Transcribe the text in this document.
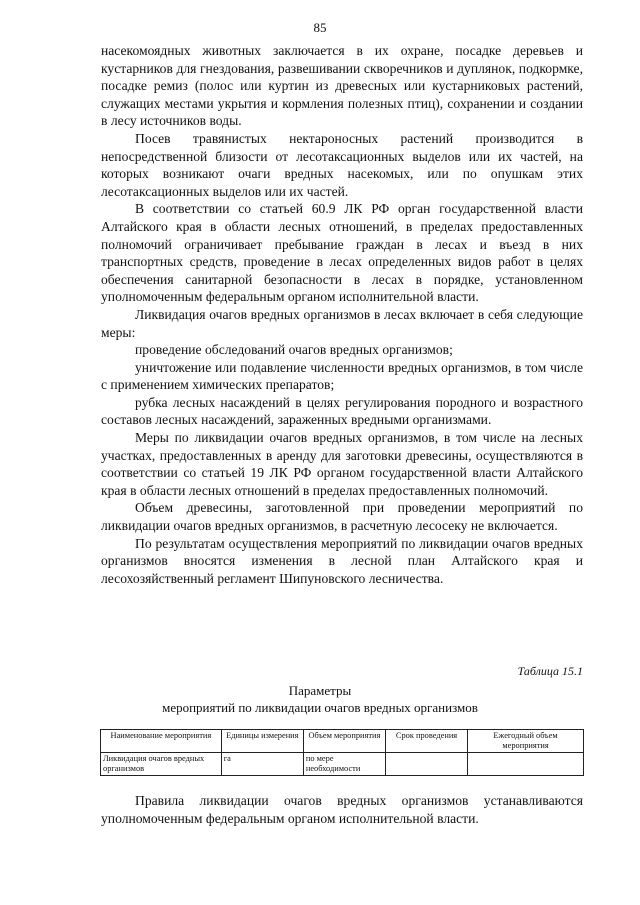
85

насекомоядных животных заключается в их охране, посадке деревьев и кустарников для гнездования, развешивании скворечников и дуплянок, подкормке, посадке ремиз (полос или куртин из древесных или кустарниковых растений, служащих местами укрытия и кормления полезных птиц), сохранении и создании в лесу источников воды.

Посев травянистых нектароносных растений производится в непосредственной близости от лесотаксационных выделов или их частей, на которых возникают очаги вредных насекомых, или по опушкам этих лесотаксационных выделов или их частей.

В соответствии со статьей 60.9 ЛК РФ орган государственной власти Алтайского края в области лесных отношений, в пределах предоставленных полномочий ограничивает пребывание граждан в лесах и въезд в них транспортных средств, проведение в лесах определенных видов работ в целях обеспечения санитарной безопасности в лесах в порядке, установленном уполномоченным федеральным органом исполнительной власти.

Ликвидация очагов вредных организмов в лесах включает в себя следующие меры:

проведение обследований очагов вредных организмов;

уничтожение или подавление численности вредных организмов, в том числе с применением химических препаратов;

рубка лесных насаждений в целях регулирования породного и возрастного составов лесных насаждений, зараженных вредными организмами.

Меры по ликвидации очагов вредных организмов, в том числе на лесных участках, предоставленных в аренду для заготовки древесины, осуществляются в соответствии со статьей 19 ЛК РФ органом государственной власти Алтайского края в области лесных отношений в пределах предоставленных полномочий.

Объем древесины, заготовленной при проведении мероприятий по ликвидации очагов вредных организмов, в расчетную лесосеку не включается.

По результатам осуществления мероприятий по ликвидации очагов вредных организмов вносятся изменения в лесной план Алтайского края и лесохозяйственный регламент Шипуновского лесничества.

Таблица 15.1
Параметры
мероприятий по ликвидации очагов вредных организмов
Наименование мероприятия	Единицы измерения	Объем мероприятия	Срок проведения	Ежегодный объем мероприятия
Ликвидация очагов вредных организмов	га	по мере необходимости		

Правила ликвидации очагов вредных организмов устанавливаются уполномоченным федеральным органом исполнительной власти.
